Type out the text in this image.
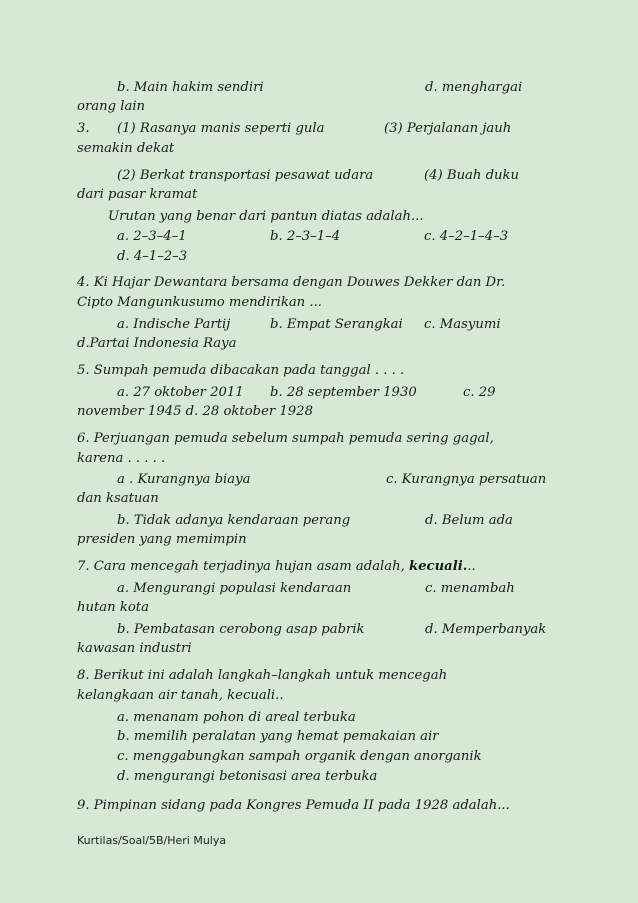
b. Main hakim sendiri	d. menghargai
orang lain
3. (1) Rasanya manis seperti gula	(3) Perjalanan jauh
semakin dekat
(2) Berkat transportasi pesawat udara	(4) Buah duku
dari pasar kramat
Urutan yang benar dari pantun diatas adalah...
a. 2–3–4–1	b. 2–3–1–4	c. 4–2–1–4–3
d. 4–1–2–3
4. Ki Hajar Dewantara bersama dengan Douwes Dekker dan Dr.
Cipto Mangunkusumo mendirikan ...
a. Indische Partij	b. Empat Serangkai c. Masyumi
d.Partai Indonesia Raya
5. Sumpah pemuda dibacakan pada tanggal . . . .
a. 27 oktober 2011 b. 28 september 1930	c. 29
november 1945 d. 28 oktober 1928
6. Perjuangan pemuda sebelum sumpah pemuda sering gagal,
karena . . . . .
a . Kurangnya biaya	c. Kurangnya persatuan
dan ksatuan
b. Tidak adanya kendaraan perang	d. Belum ada
presiden yang memimpin
7. Cara mencegah terjadinya hujan asam adalah, kecuali...
a. Mengurangi populasi kendaraan	c. menambah
hutan kota
b. Pembatasan cerobong asap pabrik	d. Memperbanyak
kawasan industri
8. Berikut ini adalah langkah–langkah untuk mencegah
kelangkaan air tanah, kecuali..
a. menanam pohon di areal terbuka
b. memilih peralatan yang hemat pemakaian air
c. menggabungkan sampah organik dengan anorganik
d. mengurangi betonisasi area terbuka
9. Pimpinan sidang pada Kongres Pemuda II pada 1928 adalah...
Kurtilas/Soal/5B/Heri Mulya
